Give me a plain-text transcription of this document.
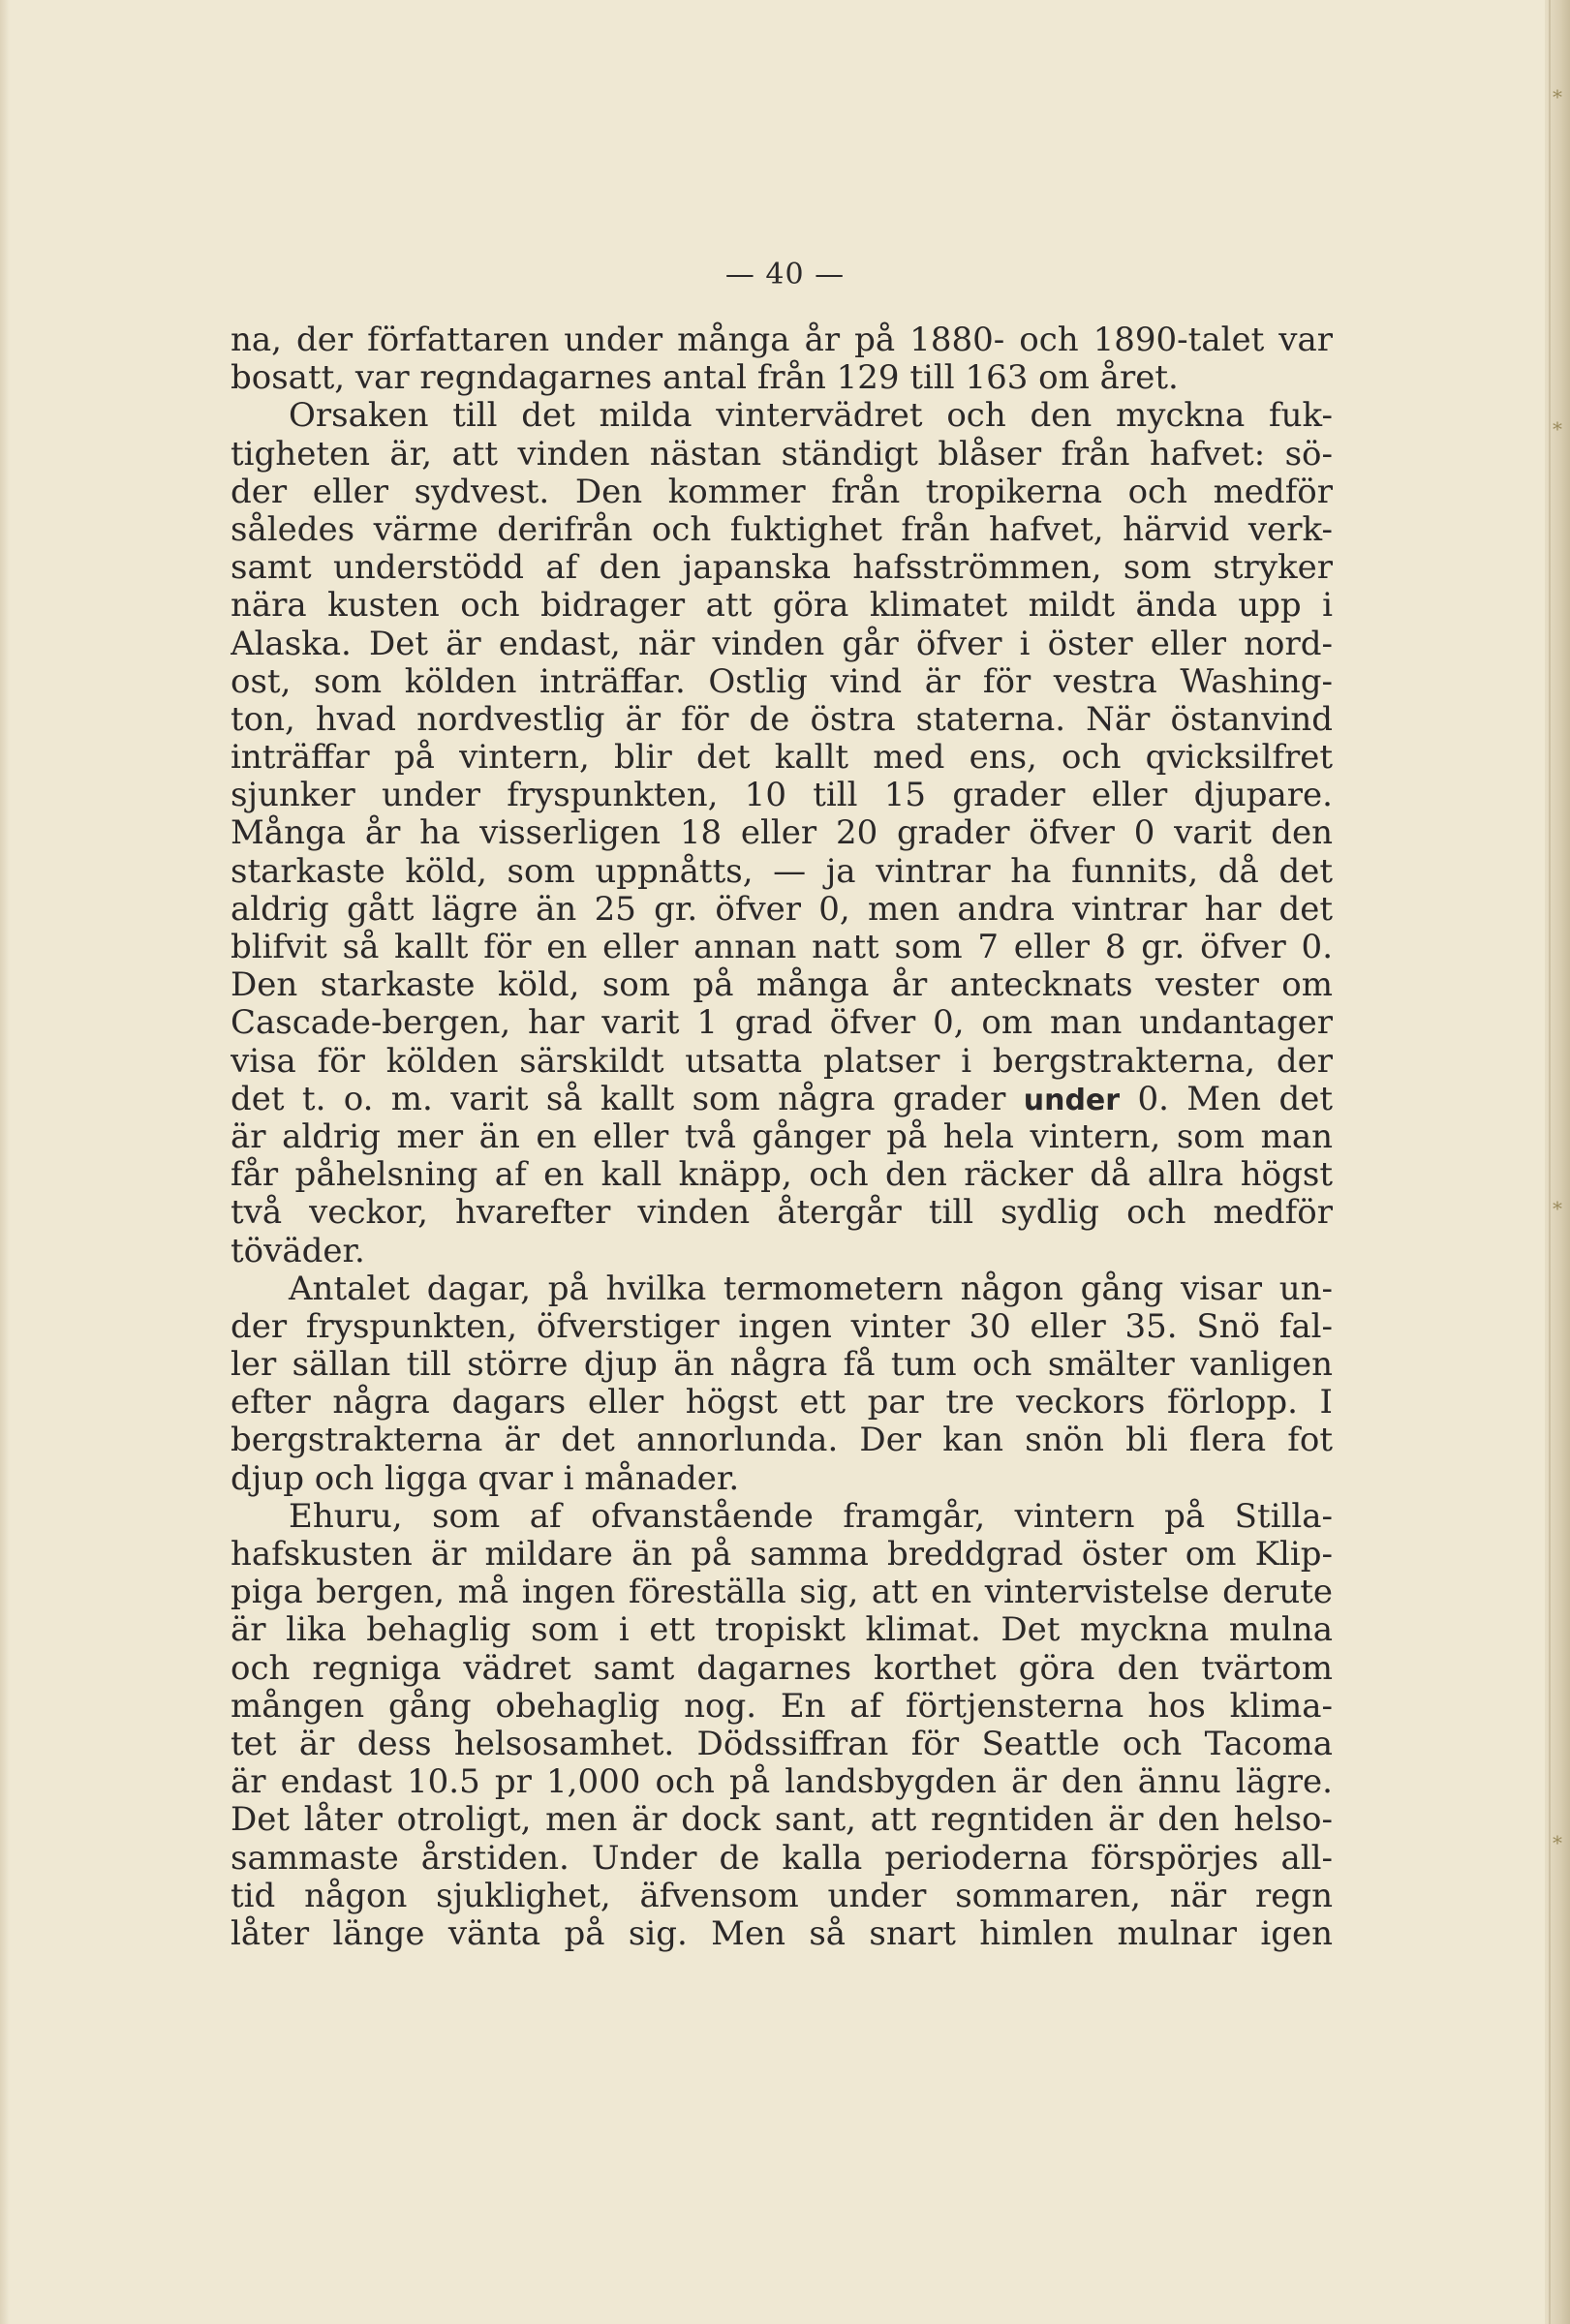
— 40 —
na, der författaren under många år på 1880- och 1890-talet var
bosatt, var regndagarnes antal från 129 till 163 om året.
Orsaken till det milda vintervädret och den myckna fuk-
tigheten är, att vinden nästan ständigt blåser från hafvet: sö-
der eller sydvest. Den kommer från tropikerna och medför
således värme derifrån och fuktighet från hafvet, härvid verk-
samt understödd af den japanska hafsströmmen, som stryker
nära kusten och bidrager att göra klimatet mildt ända upp i
Alaska. Det är endast, när vinden går öfver i öster eller nord-
ost, som kölden inträffar. Ostlig vind är för vestra Washing-
ton, hvad nordvestlig är för de östra staterna. När östanvind
inträffar på vintern, blir det kallt med ens, och qvicksilfret
sjunker under fryspunkten, 10 till 15 grader eller djupare.
Många år ha visserligen 18 eller 20 grader öfver 0 varit den
starkaste köld, som uppnåtts, — ja vintrar ha funnits, då det
aldrig gått lägre än 25 gr. öfver 0, men andra vintrar har det
blifvit så kallt för en eller annan natt som 7 eller 8 gr. öfver 0.
Den starkaste köld, som på många år antecknats vester om
Cascade-bergen, har varit 1 grad öfver 0, om man undantager
visa för kölden särskildt utsatta platser i bergstrakterna, der
det t. o. m. varit så kallt som några grader under 0. Men det
är aldrig mer än en eller två gånger på hela vintern, som man
får påhelsning af en kall knäpp, och den räcker då allra högst
två veckor, hvarefter vinden återgår till sydlig och medför
töväder.
Antalet dagar, på hvilka termometern någon gång visar un-
der fryspunkten, öfverstiger ingen vinter 30 eller 35. Snö fal-
ler sällan till större djup än några få tum och smälter vanligen
efter några dagars eller högst ett par tre veckors förlopp. I
bergstrakterna är det annorlunda. Der kan snön bli flera fot
djup och ligga qvar i månader.
Ehuru, som af ofvanstående framgår, vintern på Stilla-
hafskusten är mildare än på samma breddgrad öster om Klip-
piga bergen, må ingen föreställa sig, att en vintervistelse derute
är lika behaglig som i ett tropiskt klimat. Det myckna mulna
och regniga vädret samt dagarnes korthet göra den tvärtom
mången gång obehaglig nog. En af förtjensterna hos klima-
tet är dess helsosamhet. Dödssiffran för Seattle och Tacoma
är endast 10.5 pr 1,000 och på landsbygden är den ännu lägre.
Det låter otroligt, men är dock sant, att regntiden är den helso-
sammaste årstiden. Under de kalla perioderna förspörjes all-
tid någon sjuklighet, äfvensom under sommaren, när regn
låter länge vänta på sig. Men så snart himlen mulnar igen
⁎
⁎
⁎
⁎
